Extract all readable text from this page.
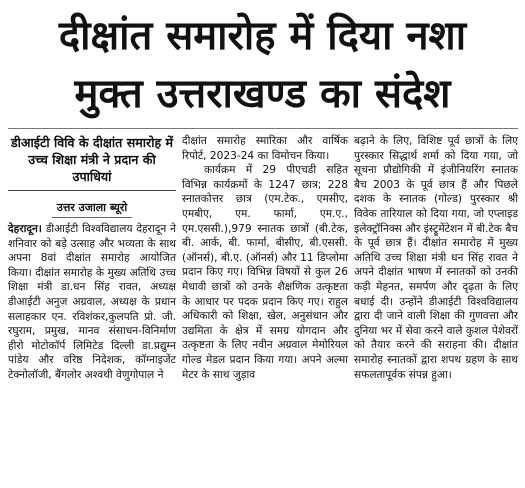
दीक्षांत समारोह में दिया नशा
मुक्त उत्तराखण्ड का संदेश
डीआईटी विवि के दीक्षांत समारोह में उच्च शिक्षा मंत्री ने प्रदान की उपाधियां
उत्तर उजाला ब्यूरो

देहरादून। डीआईटी विश्वविद्यालय देहरादून ने शनिवार को बड़े उत्साह और भव्यता के साथ अपना 8वां दीक्षांत समारोह आयोजित किया। दीक्षांत समारोह के मुख्य अतिथि उच्च शिक्षा मंत्री डा.धन सिंह रावत, अध्यक्ष डीआईटी अनुज अग्रवाल, अध्यक्ष के प्रधान सलाहकार एन. रविशंकर,कुलपति प्रो. जी. रघुराम, प्रमुख, मानव संसाधन-विनिर्माण हीरो मोटोकॉर्प लिमिटेड दिल्ली डा.प्रद्युम्न पांडेय और वरिष्ठ निदेशक, कॉग्नाइजेंट टेक्नोलॉजी, बैंगलोर अश्वथी वेणुगोपाल ने

दीक्षांत समारोह स्मारिका और वार्षिक रिपोर्ट, 2023-24 का विमोचन किया।

कार्यक्रम में 29 पीएचडी सहित विभिन्न कार्यक्रमों के 1247 छात्र; 228 स्नातकोत्तर छात्र (एम.टेक., एमसीए, एमबीए, एम. फार्मा, एम.ए., एम.एससी.),979 स्नातक छात्रों (बी.टेक, बी. आर्क, बी. फार्मा, बीसीए, बी.एससी. (ऑनर्स), बी.ए. (ऑनर्स) और 11 डिप्लोमा प्रदान किए गए। विभिन्न विषयों से कुल 26 मेधावी छात्रों को उनके शैक्षणिक उत्कृष्टता के आधार पर पदक प्रदान किए गए। राहुल अधिकारी को शिक्षा, खेल, अनुसंधान और उद्यमिता के क्षेत्र में समग्र योगदान और उत्कृष्टता के लिए नवीन अग्रवाल मेमोरियल गोल्ड मेडल प्रदान किया गया। अपने अल्मा मेटर के साथ जुड़ाव

बढ़ाने के लिए, विशिष्ट पूर्व छात्रों के लिए पुरस्कार सिद्धार्थ शर्मा को दिया गया, जो सूचना प्रौद्योगिकी में इंजीनियरिंग स्नातक बैच 2003 के पूर्व छात्र हैं और पिछले दशक के स्नातक (गोल्ड) पुरस्कार श्री विवेक तारियाल को दिया गया, जो एप्लाइड इलेक्ट्रॉनिक्स और इंस्ट्रूमेंटेशन में बी.टेक बैच के पूर्व छात्र हैं। दीक्षांत समारोह में मुख्य अतिथि उच्च शिक्षा मंत्री धन सिंह रावत ने अपने दीक्षांत भाषण में स्नातकों को उनकी कड़ी मेहनत, समर्पण और दृढ़ता के लिए बधाई दी। उन्होंने डीआईटी विश्वविद्यालय द्वारा दी जाने वाली शिक्षा की गुणवत्ता और दुनिया भर में सेवा करने वाले कुशल पेशेवरों को तैयार करने की सराहना की। दीक्षांत समारोह स्नातकों द्वारा शपथ ग्रहण के साथ सफलतापूर्वक संपन्न हुआ।
